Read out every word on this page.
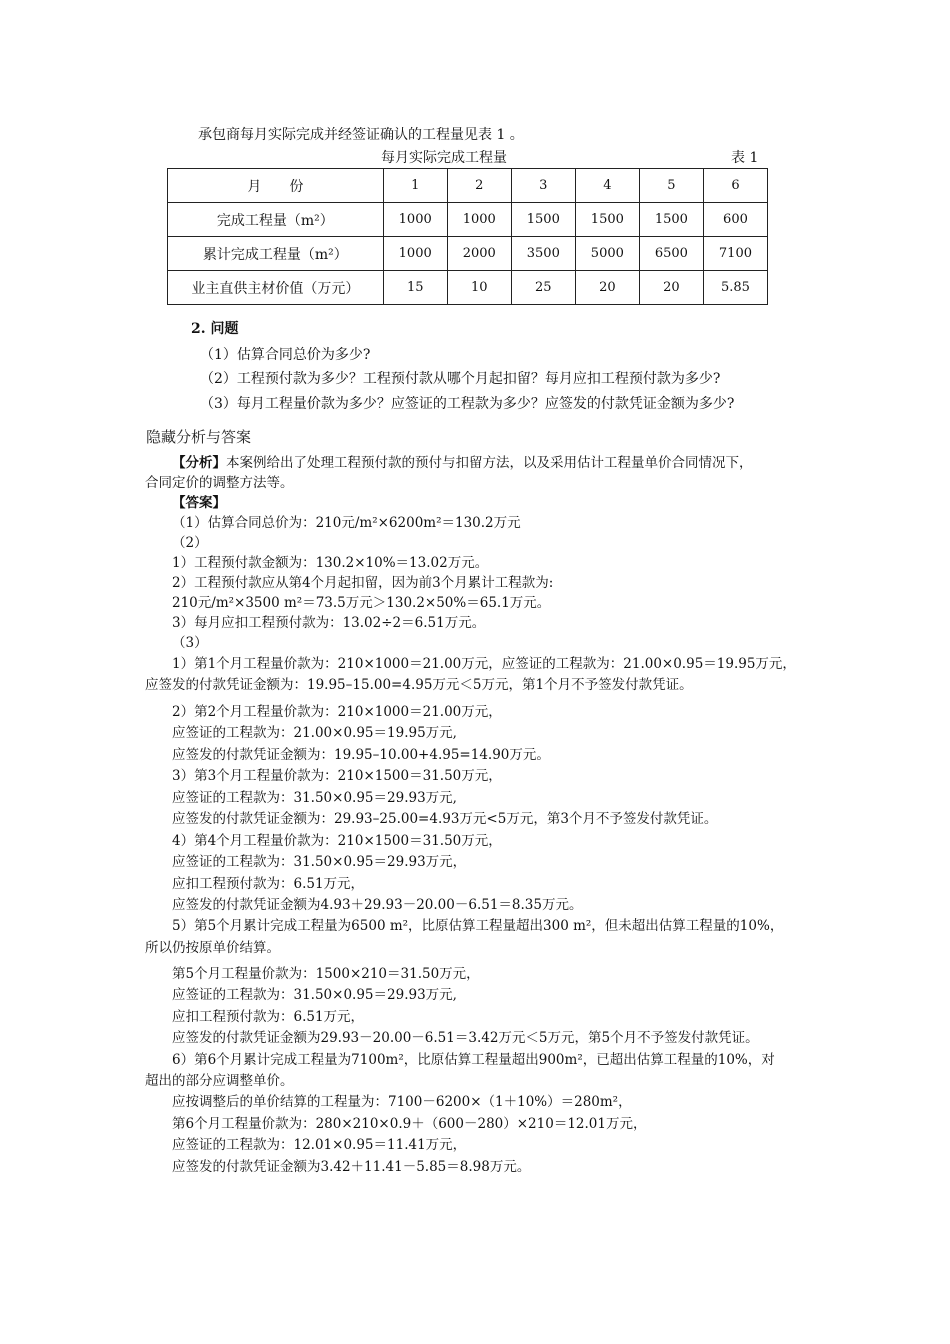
承包商每月实际完成并经签证确认的工程量见表 1 。
每月实际完成工程量	表 1
月　　份	1	2	3	4	5	6
完成工程量（m²）	1000	1000	1500	1500	1500	600
累计完成工程量（m²）	1000	2000	3500	5000	6500	7100
业主直供主材价值（万元）	15	10	25	20	20	5.85
2. 问题
（1）估算合同总价为多少?
（2）工程预付款为多少？工程预付款从哪个月起扣留？每月应扣工程预付款为多少?
（3）每月工程量价款为多少？应签证的工程款为多少？应签发的付款凭证金额为多少?
隐藏分析与答案
【分析】本案例给出了处理工程预付款的预付与扣留方法，以及采用估计工程量单价合同情况下，
合同定价的调整方法等。
【答案】
（1）估算合同总价为：210元/m²×6200m²＝130.2万元
（2）
1）工程预付款金额为：130.2×10%＝13.02万元。
2）工程预付款应从第4个月起扣留，因为前3个月累计工程款为:
210元/m²×3500 m²＝73.5万元＞130.2×50%＝65.1万元。
3）每月应扣工程预付款为：13.02÷2＝6.51万元。
（3）
1）第1个月工程量价款为：210×1000＝21.00万元，应签证的工程款为：21.00×0.95＝19.95万元，
应签发的付款凭证金额为：19.95–15.00=4.95万元＜5万元，第1个月不予签发付款凭证。
2）第2个月工程量价款为：210×1000＝21.00万元，
应签证的工程款为：21.00×0.95＝19.95万元,
应签发的付款凭证金额为：19.95–10.00+4.95=14.90万元。
3）第3个月工程量价款为：210×1500＝31.50万元，
应签证的工程款为：31.50×0.95＝29.93万元,
应签发的付款凭证金额为：29.93–25.00=4.93万元<5万元，第3个月不予签发付款凭证。
4）第4个月工程量价款为：210×1500＝31.50万元，
应签证的工程款为：31.50×0.95＝29.93万元，
应扣工程预付款为：6.51万元，
应签发的付款凭证金额为4.93＋29.93－20.00－6.51＝8.35万元。
5）第5个月累计完成工程量为6500 m²，比原估算工程量超出300 m²，但未超出估算工程量的10%，
所以仍按原单价结算。
第5个月工程量价款为：1500×210＝31.50万元，
应签证的工程款为：31.50×0.95＝29.93万元,
应扣工程预付款为：6.51万元，
应签发的付款凭证金额为29.93－20.00－6.51＝3.42万元＜5万元，第5个月不予签发付款凭证。
6）第6个月累计完成工程量为7100m²，比原估算工程量超出900m²，已超出估算工程量的10%，对
超出的部分应调整单价。
应按调整后的单价结算的工程量为：7100－6200×（1＋10%）＝280m²，
第6个月工程量价款为：280×210×0.9＋（600－280）×210＝12.01万元，
应签证的工程款为：12.01×0.95＝11.41万元，
应签发的付款凭证金额为3.42＋11.41－5.85＝8.98万元。
